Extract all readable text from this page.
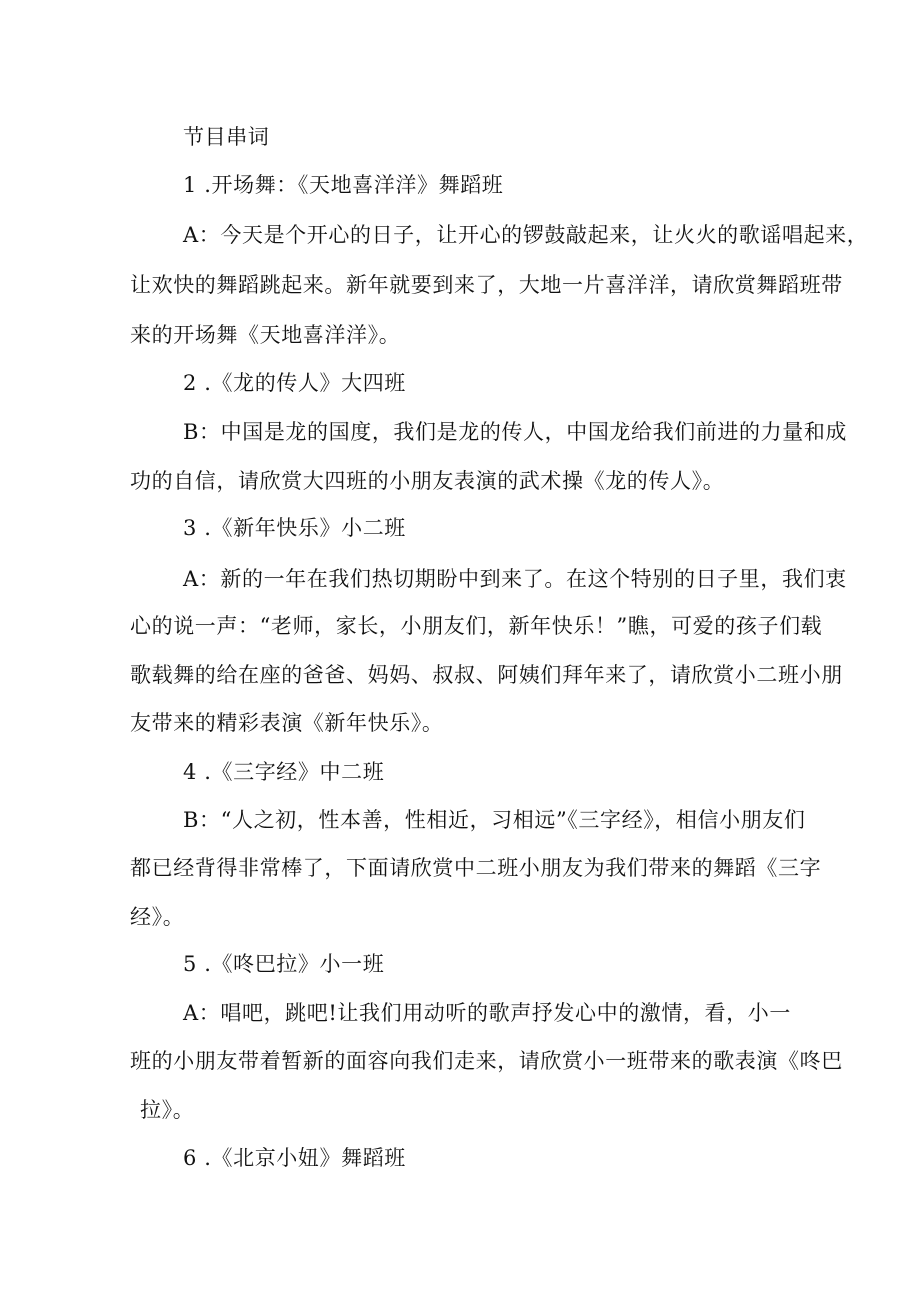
节目串词
1 .开场舞：《天地喜洋洋》舞蹈班
A：今天是个开心的日子，让开心的锣鼓敲起来，让火火的歌谣唱起来，
让欢快的舞蹈跳起来。新年就要到来了，大地一片喜洋洋，请欣赏舞蹈班带
来的开场舞《天地喜洋洋》。
2 .《龙的传人》大四班
B：中国是龙的国度，我们是龙的传人，中国龙给我们前进的力量和成
功的自信，请欣赏大四班的小朋友表演的武术操《龙的传人》。
3 .《新年快乐》小二班
A：新的一年在我们热切期盼中到来了。在这个特别的日子里，我们衷
心的说一声：“老师，家长，小朋友们，新年快乐！”瞧，可爱的孩子们载
歌载舞的给在座的爸爸、妈妈、叔叔、阿姨们拜年来了，请欣赏小二班小朋
友带来的精彩表演《新年快乐》。
4 .《三字经》中二班
B：“人之初，性本善，性相近，习相远”《三字经》，相信小朋友们
都已经背得非常棒了，下面请欣赏中二班小朋友为我们带来的舞蹈《三字
经》。
5 .《咚巴拉》小一班
A：唱吧，跳吧!让我们用动听的歌声抒发心中的激情，看，小一
班的小朋友带着暂新的面容向我们走来，请欣赏小一班带来的歌表演《咚巴
拉》。
6 .《北京小妞》舞蹈班
